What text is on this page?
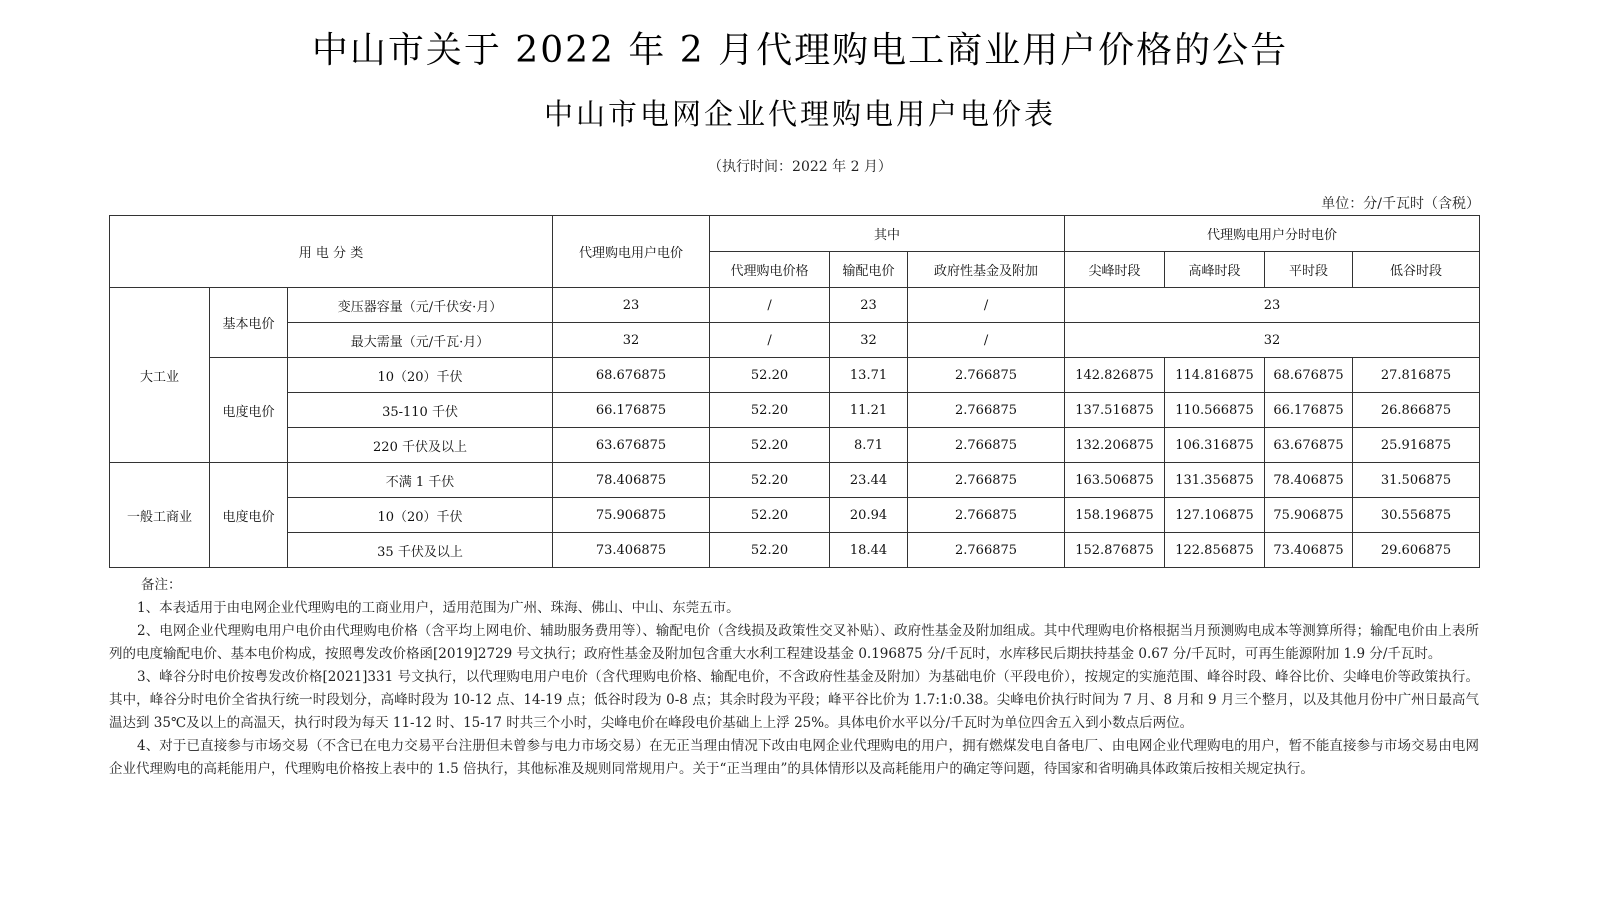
中山市关于 2022 年 2 月代理购电工商业用户价格的公告
中山市电网企业代理购电用户电价表
（执行时间：2022 年 2 月）
单位：分/千瓦时（含税）
用 电 分 类			代理购电用户电价	其中			代理购电用户分时电价			
				代理购电价格	输配电价	政府性基金及附加	尖峰时段	高峰时段	平时段	低谷时段
大工业	基本电价	变压器容量（元/千伏安·月）	23	/	23	/	23			
		最大需量（元/千瓦·月）	32	/	32	/	32			
	电度电价	10（20）千伏	68.676875	52.20	13.71	2.766875	142.826875	114.816875	68.676875	27.816875
		35-110 千伏	66.176875	52.20	11.21	2.766875	137.516875	110.566875	66.176875	26.866875
		220 千伏及以上	63.676875	52.20	8.71	2.766875	132.206875	106.316875	63.676875	25.916875
一般工商业	电度电价	不满 1 千伏	78.406875	52.20	23.44	2.766875	163.506875	131.356875	78.406875	31.506875
		10（20）千伏	75.906875	52.20	20.94	2.766875	158.196875	127.106875	75.906875	30.556875
		35 千伏及以上	73.406875	52.20	18.44	2.766875	152.876875	122.856875	73.406875	29.606875

备注：

1、本表适用于由电网企业代理购电的工商业用户，适用范围为广州、珠海、佛山、中山、东莞五市。

2、电网企业代理购电用户电价由代理购电价格（含平均上网电价、辅助服务费用等）、输配电价（含线损及政策性交叉补贴）、政府性基金及附加组成。其中代理购电价格根据当月预测购电成本等测算所得；输配电价由上表所列的电度输配电价、基本电价构成，按照粤发改价格函[2019]2729 号文执行；政府性基金及附加包含重大水利工程建设基金 0.196875 分/千瓦时，水库移民后期扶持基金 0.67 分/千瓦时，可再生能源附加 1.9 分/千瓦时。

3、峰谷分时电价按粤发改价格[2021]331 号文执行，以代理购电用户电价（含代理购电价格、输配电价，不含政府性基金及附加）为基础电价（平段电价），按规定的实施范围、峰谷时段、峰谷比价、尖峰电价等政策执行。其中，峰谷分时电价全省执行统一时段划分，高峰时段为 10-12 点、14-19 点；低谷时段为 0-8 点；其余时段为平段；峰平谷比价为 1.7:1:0.38。尖峰电价执行时间为 7 月、8 月和 9 月三个整月，以及其他月份中广州日最高气温达到 35℃及以上的高温天，执行时段为每天 11-12 时、15-17 时共三个小时，尖峰电价在峰段电价基础上上浮 25%。具体电价水平以分/千瓦时为单位四舍五入到小数点后两位。

4、对于已直接参与市场交易（不含已在电力交易平台注册但未曾参与电力市场交易）在无正当理由情况下改由电网企业代理购电的用户，拥有燃煤发电自备电厂、由电网企业代理购电的用户，暂不能直接参与市场交易由电网企业代理购电的高耗能用户，代理购电价格按上表中的 1.5 倍执行，其他标准及规则同常规用户。关于“正当理由”的具体情形以及高耗能用户的确定等问题，待国家和省明确具体政策后按相关规定执行。
